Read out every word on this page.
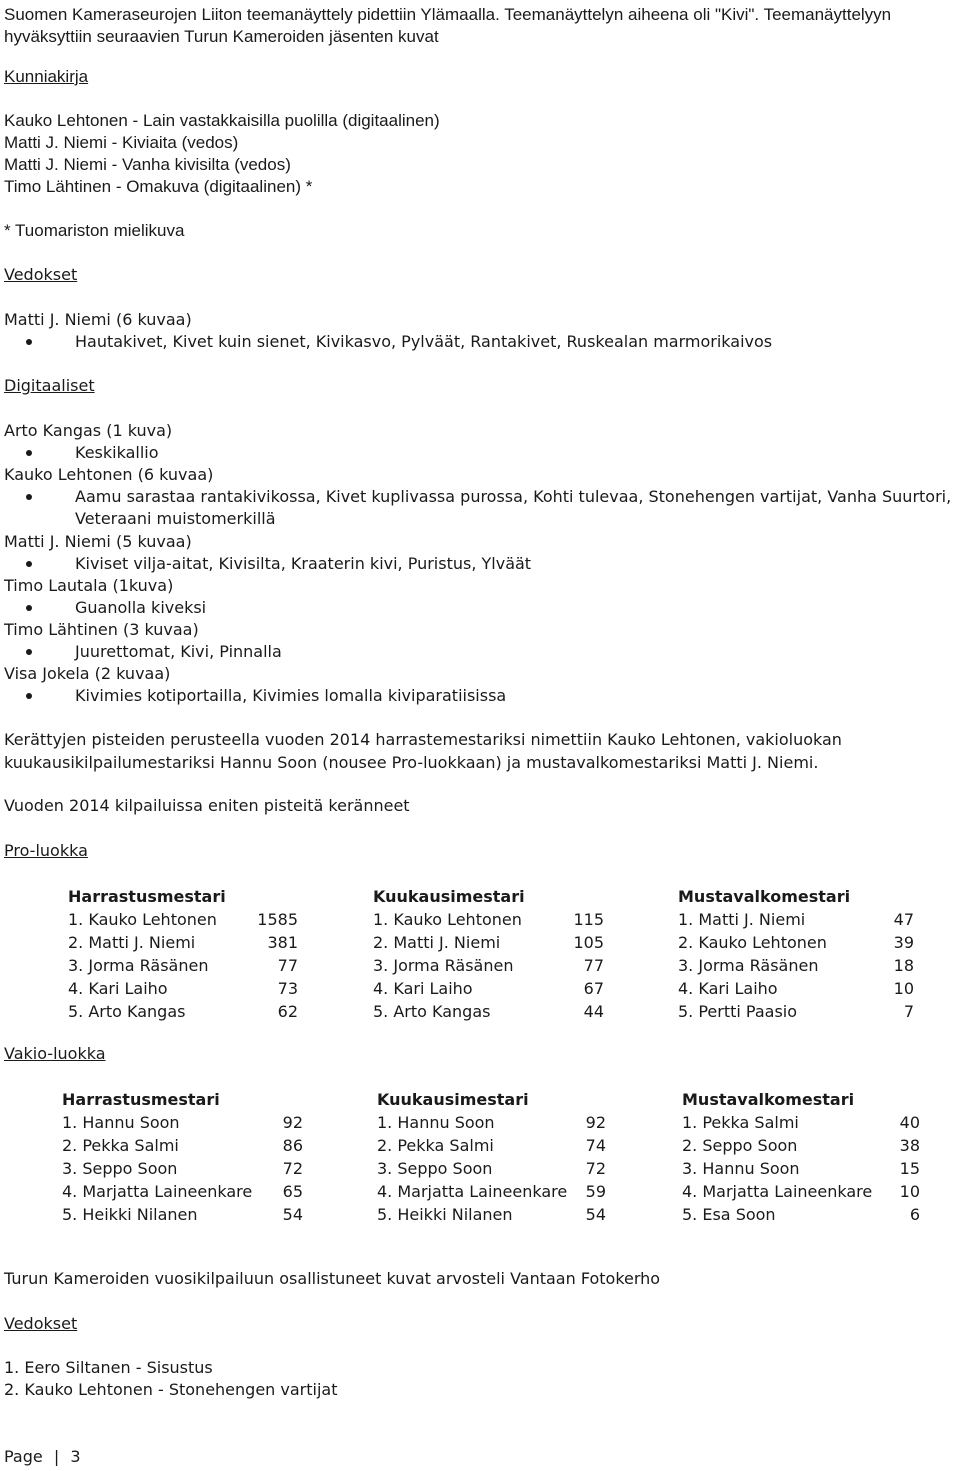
Suomen Kameraseurojen Liiton teemanäyttely pidettiin Ylämaalla. Teemanäyttelyn aiheena oli "Kivi". Teemanäyttelyyn
hyväksyttiin seuraavien Turun Kameroiden jäsenten kuvat
Kunniakirja
Kauko Lehtonen - Lain vastakkaisilla puolilla (digitaalinen)
Matti J. Niemi - Kiviaita (vedos)
Matti J. Niemi - Vanha kivisilta (vedos)
Timo Lähtinen - Omakuva (digitaalinen) *
* Tuomariston mielikuva
Vedokset
Matti J. Niemi (6 kuvaa)
Hautakivet, Kivet kuin sienet, Kivikasvo, Pylväät, Rantakivet, Ruskealan marmorikaivos
Digitaaliset
Arto Kangas (1 kuva)
Keskikallio
Kauko Lehtonen (6 kuvaa)
Aamu sarastaa rantakivikossa, Kivet kuplivassa purossa, Kohti tulevaa, Stonehengen vartijat, Vanha Suurtori,
Veteraani muistomerkillä
Matti J. Niemi (5 kuvaa)
Kiviset vilja-aitat, Kivisilta, Kraaterin kivi, Puristus, Ylväät
Timo Lautala (1kuva)
Guanolla kiveksi
Timo Lähtinen (3 kuvaa)
Juurettomat, Kivi, Pinnalla
Visa Jokela (2 kuvaa)
Kivimies kotiportailla, Kivimies lomalla kiviparatiisissa
Kerättyjen pisteiden perusteella vuoden 2014 harrastemestariksi nimettiin Kauko Lehtonen, vakioluokan
kuukausikilpailumestariksi Hannu Soon (nousee Pro-luokkaan) ja mustavalkomestariksi Matti J. Niemi.
Vuoden 2014 kilpailuissa eniten pisteitä keränneet
Pro-luokka
Harrastusmestari
1. Kauko Lehtonen	1585
2. Matti J. Niemi	381
3. Jorma Räsänen	77
4. Kari Laiho	73
5. Arto Kangas	62
Kuukausimestari
1. Kauko Lehtonen	115
2. Matti J. Niemi	105
3. Jorma Räsänen	77
4. Kari Laiho	67
5. Arto Kangas	44
Mustavalkomestari
1. Matti J. Niemi	47
2. Kauko Lehtonen	39
3. Jorma Räsänen	18
4. Kari Laiho	10
5. Pertti Paasio	7
Vakio-luokka
Harrastusmestari
1. Hannu Soon	92
2. Pekka Salmi	86
3. Seppo Soon	72
4. Marjatta Laineenkare 65
5. Heikki Nilanen	54
Kuukausimestari
1. Hannu Soon	92
2. Pekka Salmi	74
3. Seppo Soon	72
4. Marjatta Laineenkare 59
5. Heikki Nilanen	54
Mustavalkomestari
1. Pekka Salmi	40
2. Seppo Soon	38
3. Hannu Soon	15
4. Marjatta Laineenkare 10
5. Esa Soon	6
Turun Kameroiden vuosikilpailuun osallistuneet kuvat arvosteli Vantaan Fotokerho
Vedokset
1. Eero Siltanen - Sisustus
2. Kauko Lehtonen - Stonehengen vartijat
Page | 3
